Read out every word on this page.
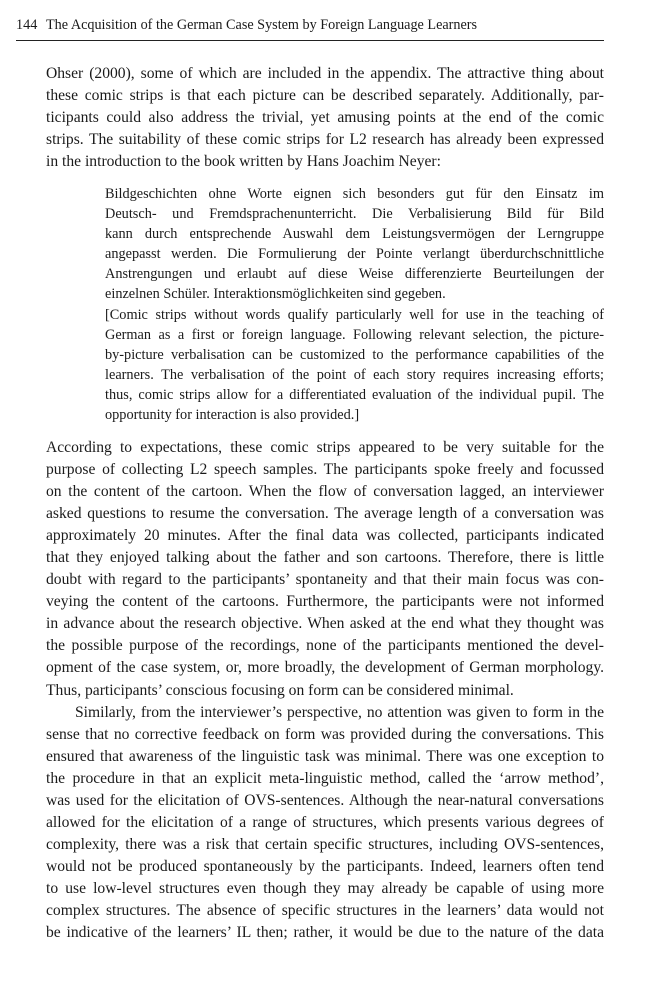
144 The Acquisition of the German Case System by Foreign Language Learners
Ohser (2000), some of which are included in the appendix. The attractive thing about
these comic strips is that each picture can be described separately. Additionally, par-
ticipants could also address the trivial, yet amusing points at the end of the comic
strips. The suitability of these comic strips for L2 research has already been expressed
in the introduction to the book written by Hans Joachim Neyer:
Bildgeschichten ohne Worte eignen sich besonders gut für den Einsatz im
Deutsch- und Fremdsprachenunterricht. Die Verbalisierung Bild für Bild
kann durch entsprechende Auswahl dem Leistungsvermögen der Lerngruppe
angepasst werden. Die Formulierung der Pointe verlangt überdurchschnittliche
Anstrengungen und erlaubt auf diese Weise differenzierte Beurteilungen der
einzelnen Schüler. Interaktionsmöglichkeiten sind gegeben.
[Comic strips without words qualify particularly well for use in the teaching of
German as a first or foreign language. Following relevant selection, the picture-
by-picture verbalisation can be customized to the performance capabilities of the
learners. The verbalisation of the point of each story requires increasing efforts;
thus, comic strips allow for a differentiated evaluation of the individual pupil. The
opportunity for interaction is also provided.]
According to expectations, these comic strips appeared to be very suitable for the
purpose of collecting L2 speech samples. The participants spoke freely and focussed
on the content of the cartoon. When the flow of conversation lagged, an interviewer
asked questions to resume the conversation. The average length of a conversation was
approximately 20 minutes. After the final data was collected, participants indicated
that they enjoyed talking about the father and son cartoons. Therefore, there is little
doubt with regard to the participants’ spontaneity and that their main focus was con-
veying the content of the cartoons. Furthermore, the participants were not informed
in advance about the research objective. When asked at the end what they thought was
the possible purpose of the recordings, none of the participants mentioned the devel-
opment of the case system, or, more broadly, the development of German morphology.
Thus, participants’ conscious focusing on form can be considered minimal.
Similarly, from the interviewer’s perspective, no attention was given to form in the
sense that no corrective feedback on form was provided during the conversations. This
ensured that awareness of the linguistic task was minimal. There was one exception to
the procedure in that an explicit meta-linguistic method, called the ‘arrow method’,
was used for the elicitation of OVS-sentences. Although the near-natural conversations
allowed for the elicitation of a range of structures, which presents various degrees of
complexity, there was a risk that certain specific structures, including OVS-sentences,
would not be produced spontaneously by the participants. Indeed, learners often tend
to use low-level structures even though they may already be capable of using more
complex structures. The absence of specific structures in the learners’ data would not
be indicative of the learners’ IL then; rather, it would be due to the nature of the data
